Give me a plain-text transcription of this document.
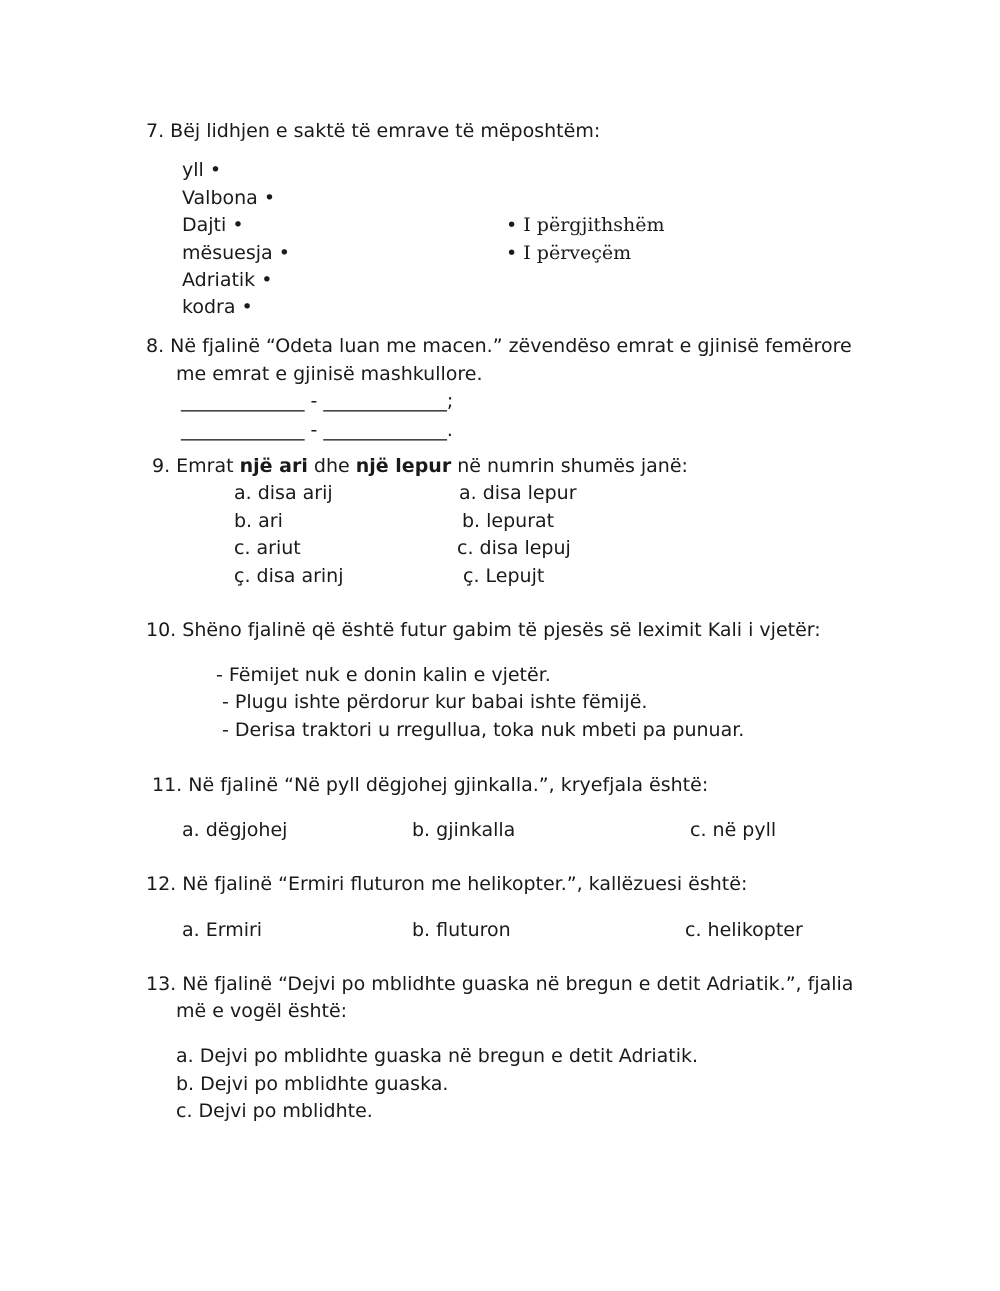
7. Bëj lidhjen e saktë të emrave të mëposhtëm:
yll •
Valbona •
Dajti •
mësuesja •
Adriatik •
kodra •
• I përgjithshëm
• I përveçëm
8. Në fjalinë “Odeta luan me macen.” zëvendëso emrat e gjinisë femërore
me emrat e gjinisë mashkullore.
_____________ - _____________;
_____________ - _____________.
9. Emrat një ari dhe një lepur në numrin shumës janë:
a. disa arij
b. ari
c. ariut
ç. disa arinj
a. disa lepur
b. lepurat
c. disa lepuj
ç. Lepujt
10. Shëno fjalinë që është futur gabim të pjesës së leximit Kali i vjetër:
- Fëmijet nuk e donin kalin e vjetër.
- Plugu ishte përdorur kur babai ishte fëmijë.
- Derisa traktori u rregullua, toka nuk mbeti pa punuar.
11. Në fjalinë “Në pyll dëgjohej gjinkalla.”, kryefjala është:
a. dëgjohej	b. gjinkalla	c. në pyll
12. Në fjalinë “Ermiri fluturon me helikopter.”, kallëzuesi është:
a. Ermiri	b. fluturon	c. helikopter
13. Në fjalinë “Dejvi po mblidhte guaska në bregun e detit Adriatik.”, fjalia
më e vogël është:
a. Dejvi po mblidhte guaska në bregun e detit Adriatik.
b. Dejvi po mblidhte guaska.
c. Dejvi po mblidhte.
